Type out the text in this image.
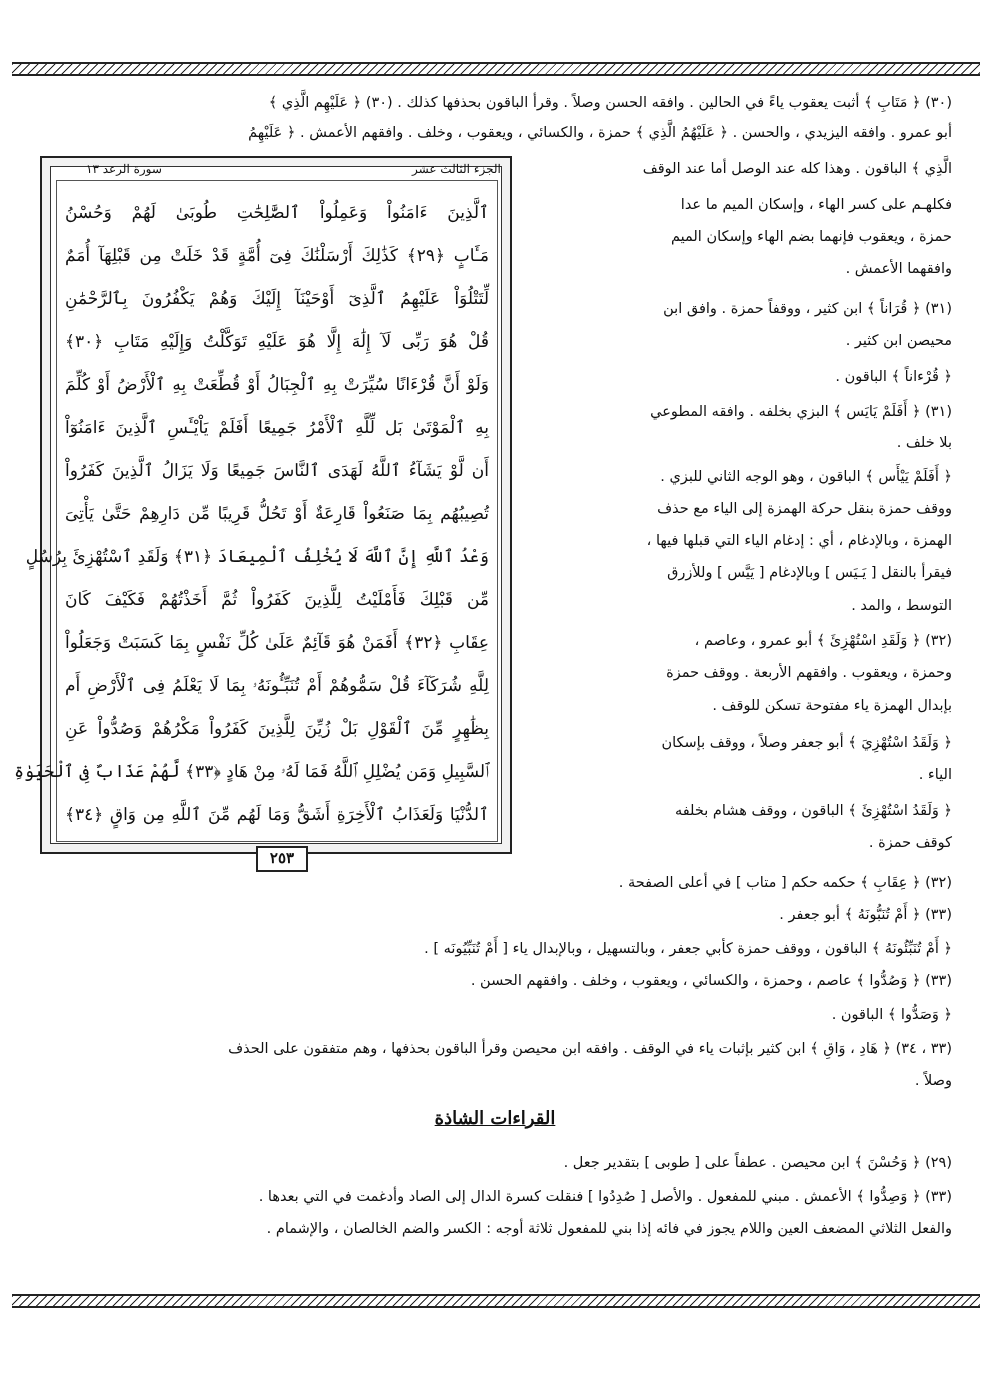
(٣٠) ﴿ مَتَابِ ﴾ أثبت يعقوب ياءً في الحالين . وافقه الحسن وصلاً . وقرأ الباقون بحذفها كذلك . (٣٠) ﴿ عَلَيْهِم الَّذِي ﴾
أبو عمرو . وافقه اليزيدي ، والحسن . ﴿ عَلَيْهُمُ الَّذِي ﴾ حمزة ، والكسائي ، ويعقوب ، وخلف . وافقهم الأعمش . ﴿ عَلَيْهِمُ
الجزء الثالث عشر
سورة الرعد ١٣
ٱلَّذِينَ ءَامَنُواْ وَعَمِلُواْ ٱلصَّٰلِحَٰتِ طُوبَىٰ لَهُمْ وَحُسْنُ
مَـَٔابٍ ﴿٢٩﴾ كَذَٰلِكَ أَرْسَلْنَٰكَ فِىٓ أُمَّةٍ قَدْ خَلَتْ مِن قَبْلِهَآ أُمَمٌ
لِّتَتْلُوَاْ عَلَيْهِمُ ٱلَّذِىٓ أَوْحَيْنَآ إِلَيْكَ وَهُمْ يَكْفُرُونَ بِٱلرَّحْمَٰنِ
قُلْ هُوَ رَبِّى لَآ إِلَٰهَ إِلَّا هُوَ عَلَيْهِ تَوَكَّلْتُ وَإِلَيْهِ مَتَابِ ﴿٣٠﴾
وَلَوْ أَنَّ قُرْءَانًا سُيِّرَتْ بِهِ ٱلْجِبَالُ أَوْ قُطِّعَتْ بِهِ ٱلْأَرْضُ أَوْ كُلِّمَ
بِهِ ٱلْمَوْتَىٰ بَل لِّلَّهِ ٱلْأَمْرُ جَمِيعًا أَفَلَمْ يَاْيْـَٔسِ ٱلَّذِينَ ءَامَنُوٓاْ
أَن لَّوْ يَشَآءُ ٱللَّهُ لَهَدَى ٱلنَّاسَ جَمِيعًا وَلَا يَزَالُ ٱلَّذِينَ كَفَرُواْ
تُصِيبُهُم بِمَا صَنَعُواْ قَارِعَةٌ أَوْ تَحُلُّ قَرِيبًا مِّن دَارِهِمْ حَتَّىٰ يَأْتِىَ
وَعْدُ ٱللَّهِ إِنَّ ٱللَّهَ لَا يُخْلِفُ ٱلْمِيعَادَ ﴿٣١﴾ وَلَقَدِ ٱسْتُهْزِئَ بِرُسُلٍ
مِّن قَبْلِكَ فَأَمْلَيْتُ لِلَّذِينَ كَفَرُواْ ثُمَّ أَخَذْتُهُمْ فَكَيْفَ كَانَ
عِقَابِ ﴿٣٢﴾ أَفَمَنْ هُوَ قَآئِمٌ عَلَىٰ كُلِّ نَفْسٍ بِمَا كَسَبَتْ وَجَعَلُواْ
لِلَّهِ شُرَكَآءَ قُلْ سَمُّوهُمْ أَمْ تُنَبِّـُٔونَهُۥ بِمَا لَا يَعْلَمُ فِى ٱلْأَرْضِ أَم
بِظَٰهِرٍ مِّنَ ٱلْقَوْلِ بَلْ زُيِّنَ لِلَّذِينَ كَفَرُواْ مَكْرُهُمْ وَصُدُّواْ عَنِ
ٱلسَّبِيلِ وَمَن يُضْلِلِ ٱللَّهُ فَمَا لَهُۥ مِنْ هَادٍ ﴿٣٣﴾ لَّهُمْ عَذَابٌ فِى ٱلْحَيَوٰةِ
ٱلدُّنْيَا وَلَعَذَابُ ٱلْأَخِرَةِ أَشَقُّ وَمَا لَهُم مِّنَ ٱللَّهِ مِن وَاقٍ ﴿٣٤﴾
٢٥٣
الَّذِي ﴾ الباقون . وهذا كله عند الوصل أما عند الوقف
فكلهـم على كسر الهاء ، وإسكان الميم ما عدا
حمزة ، ويعقوب فإنهما بضم الهاء وإسكان الميم
وافقهما الأعمش .
(٣١) ﴿ قُرَاناً ﴾ ابن كثير ، ووقفاً حمزة . وافق ابن
محيصن ابن كثير .
﴿ قُرْءاناً ﴾ الباقون .
(٣١) ﴿ أَفَلَمْ يَايَس ﴾ البزي بخلفه . وافقه المطوعي
بلا خلف .
﴿ أَفَلَمْ يَيْأَس ﴾ الباقون ، وهو الوجه الثاني للبزي .
ووقف حمزة بنقل حركة الهمزة إلى الياء مع حذف
الهمزة ، وبالإدغام ، أي : إدغام الياء التي قبلها فيها ،
فيقرأ بالنقل [ يَـيَس ] وبالإدغام [ يَيَّس ] وللأزرق
التوسط ، والمد .
(٣٢) ﴿ وَلَقَدِ اسْتُهْزِئَ ﴾ أبو عمرو ، وعاصم ،
وحمزة ، ويعقوب . وافقهم الأربعة . ووقف حمزة
بإبدال الهمزة ياء مفتوحة تسكن للوقف .
﴿ وَلَقَدُ اسْتُهْزِيَ ﴾ أبو جعفر وصلاً ، ووقف بإسكان
الياء .
﴿ وَلَقَدُ اسْتُهْزِئَ ﴾ الباقون ، ووقف هشام بخلفه
كوقف حمزة .
(٣٢) ﴿ عِقَابِ ﴾ حكمه حكم [ متاب ] في أعلى الصفحة .
(٣٣) ﴿ أَمْ تُنَبُّونَهُ ﴾ أبو جعفر .
﴿ أَمْ تُنَبِّئُونَهُ ﴾ الباقون ، ووقف حمزة كأبي جعفر ، وبالتسهيل ، وبالإبدال ياء [ أَمْ تُنَبِّيُونَه ] .
(٣٣) ﴿ وَصُدُّوا ﴾ عاصم ، وحمزة ، والكسائي ، ويعقوب ، وخلف . وافقهم الحسن .
﴿ وَصَدُّوا ﴾ الباقون .
(٣٣ ، ٣٤) ﴿ هَادِ ، وَاقِ ﴾ ابن كثير بإثبات ياء في الوقف . وافقه ابن محيصن وقرأ الباقون بحذفها ، وهم متفقون على الحذف
وصلاً .
القراءات الشاذة
(٢٩) ﴿ وَحُسْنَ ﴾ ابن محيصن . عطفاً على [ طوبى ] بتقدير جعل .
(٣٣) ﴿ وَصِدُّوا ﴾ الأعمش . مبني للمفعول . والأصل [ صُدِدُوا ] فنقلت كسرة الدال إلى الصاد وأدغمت في التي بعدها .
والفعل الثلاثي المضعف العين واللام يجوز في فائه إذا بني للمفعول ثلاثة أوجه : الكسر والضم الخالصان ، والإشمام .
